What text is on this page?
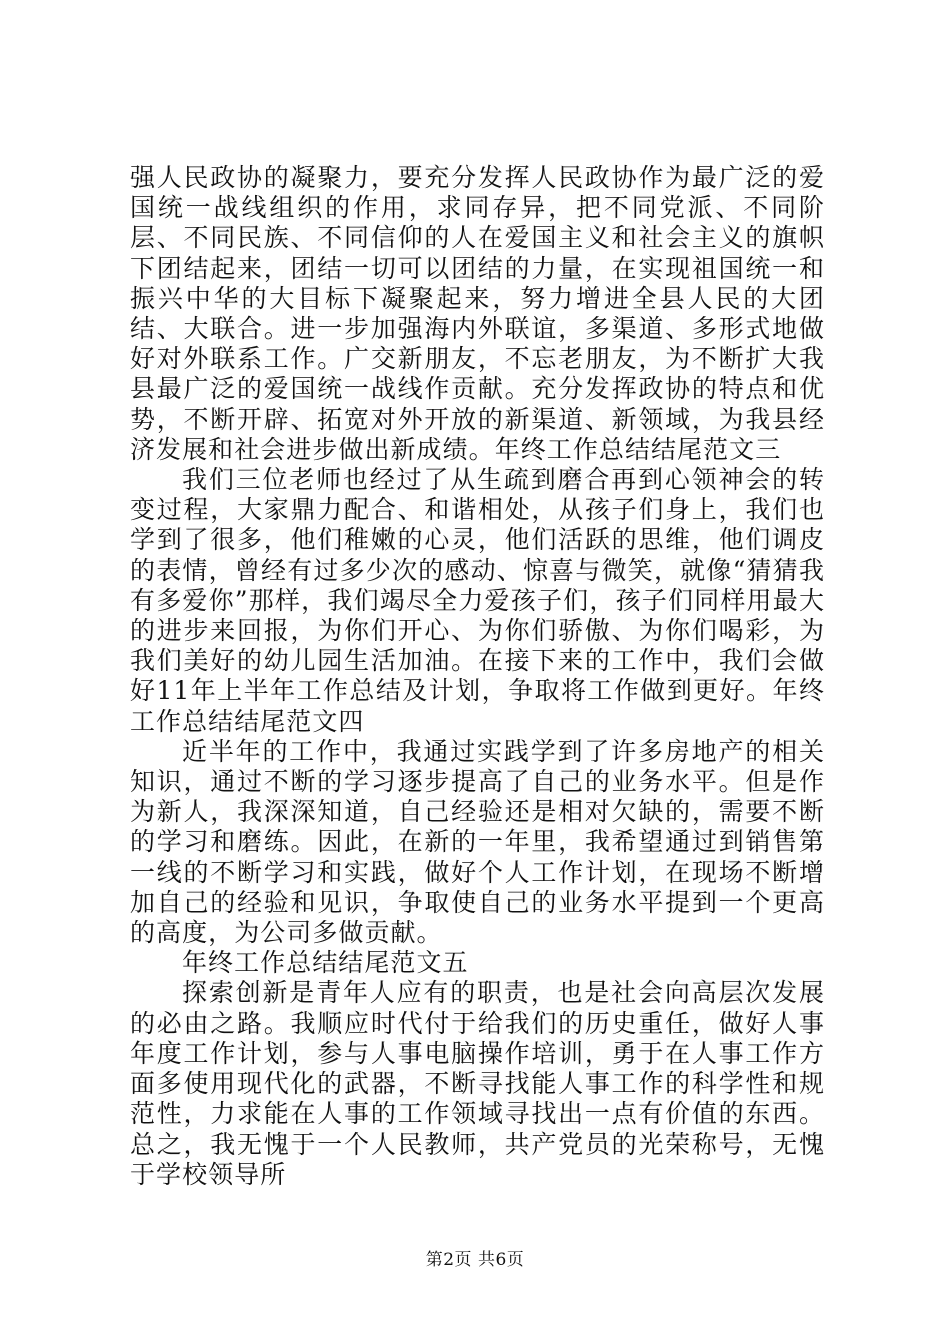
强人民政协的凝聚力，要充分发挥人民政协作为最广泛的爱国统一战线组织的作用，求同存异，把不同党派、不同阶层、不同民族、不同信仰的人在爱国主义和社会主义的旗帜下团结起来，团结一切可以团结的力量，在实现祖国统一和振兴中华的大目标下凝聚起来，努力增进全县人民的大团结、大联合。进一步加强海内外联谊，多渠道、多形式地做好对外联系工作。广交新朋友，不忘老朋友，为不断扩大我县最广泛的爱国统一战线作贡献。充分发挥政协的特点和优势，不断开辟、拓宽对外开放的新渠道、新领域，为我县经济发展和社会进步做出新成绩。年终工作总结结尾范文三

我们三位老师也经过了从生疏到磨合再到心领神会的转变过程，大家鼎力配合、和谐相处，从孩子们身上，我们也学到了很多，他们稚嫩的心灵，他们活跃的思维，他们调皮的表情，曾经有过多少次的感动、惊喜与微笑，就像“猜猜我有多爱你”那样，我们竭尽全力爱孩子们，孩子们同样用最大的进步来回报，为你们开心、为你们骄傲、为你们喝彩，为我们美好的幼儿园生活加油。在接下来的工作中，我们会做好11年上半年工作总结及计划，争取将工作做到更好。年终工作总结结尾范文四

近半年的工作中，我通过实践学到了许多房地产的相关知识，通过不断的学习逐步提高了自己的业务水平。但是作为新人，我深深知道，自己经验还是相对欠缺的，需要不断的学习和磨练。因此，在新的一年里，我希望通过到销售第一线的不断学习和实践，做好个人工作计划，在现场不断增加自己的经验和见识，争取使自己的业务水平提到一个更高的高度，为公司多做贡献。

年终工作总结结尾范文五

探索创新是青年人应有的职责，也是社会向高层次发展的必由之路。我顺应时代付于给我们的历史重任，做好人事年度工作计划，参与人事电脑操作培训，勇于在人事工作方面多使用现代化的武器，不断寻找能人事工作的科学性和规范性，力求能在人事的工作领域寻找出一点有价值的东西。总之，我无愧于一个人民教师，共产党员的光荣称号，无愧于学校领导所

第2页 共6页
